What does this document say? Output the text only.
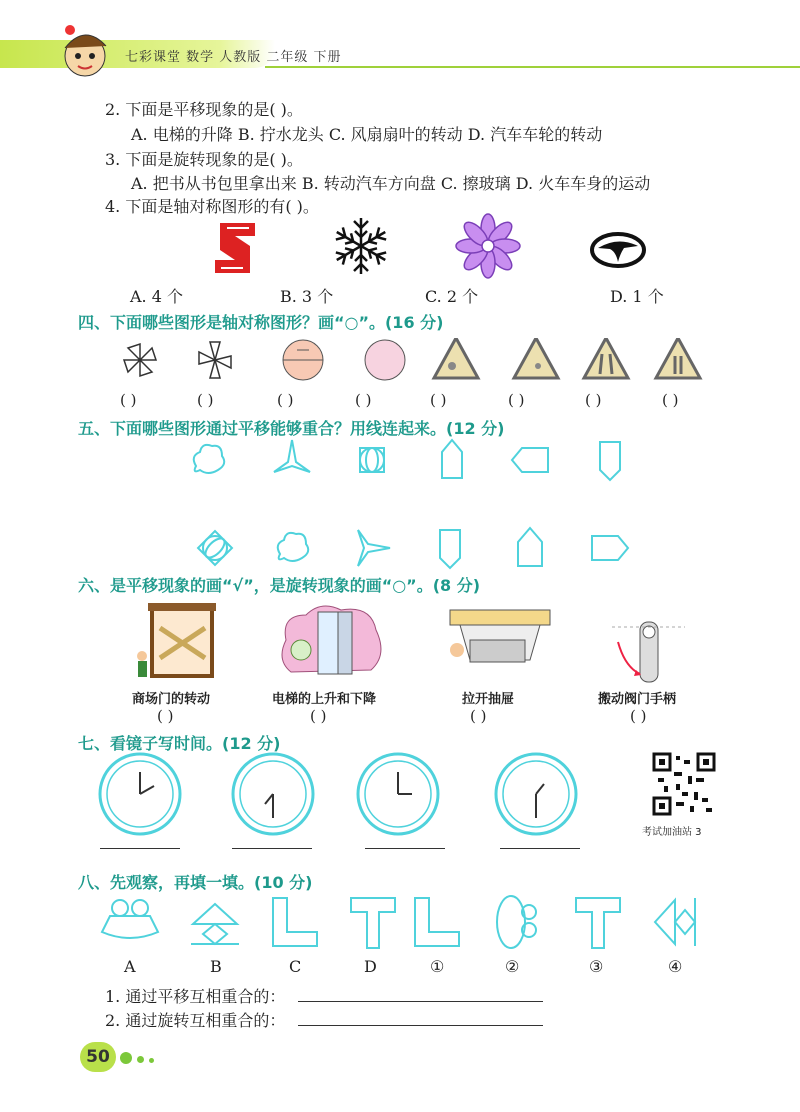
七彩课堂 数学 人教版 二年级 下册
2. 下面是平移现象的是( )。
A. 电梯的升降 B. 拧水龙头 C. 风扇扇叶的转动 D. 汽车车轮的转动
3. 下面是旋转现象的是( )。
A. 把书从书包里拿出来 B. 转动汽车方向盘 C. 擦玻璃 D. 火车车身的运动
4. 下面是轴对称图形的有( )。
A. 4 个	B. 3 个	C. 2 个	D. 1 个
四、下面哪些图形是轴对称图形？画“○”。(16 分)
( )	( )	( )	( )	( )	( )	( )	( )
五、下面哪些图形通过平移能够重合？用线连起来。(12 分)
六、是平移现象的画“√”，是旋转现象的画“○”。(8 分)
商场门的转动	电梯的上升和下降	拉开抽屉	搬动阀门手柄
( )	( )	( )	( )
七、看镜子写时间。(12 分)
考试加油站 3
八、先观察，再填一填。(10 分)
A	B	C	D	①	②	③	④
1. 通过平移互相重合的：
2. 通过旋转互相重合的：
50
